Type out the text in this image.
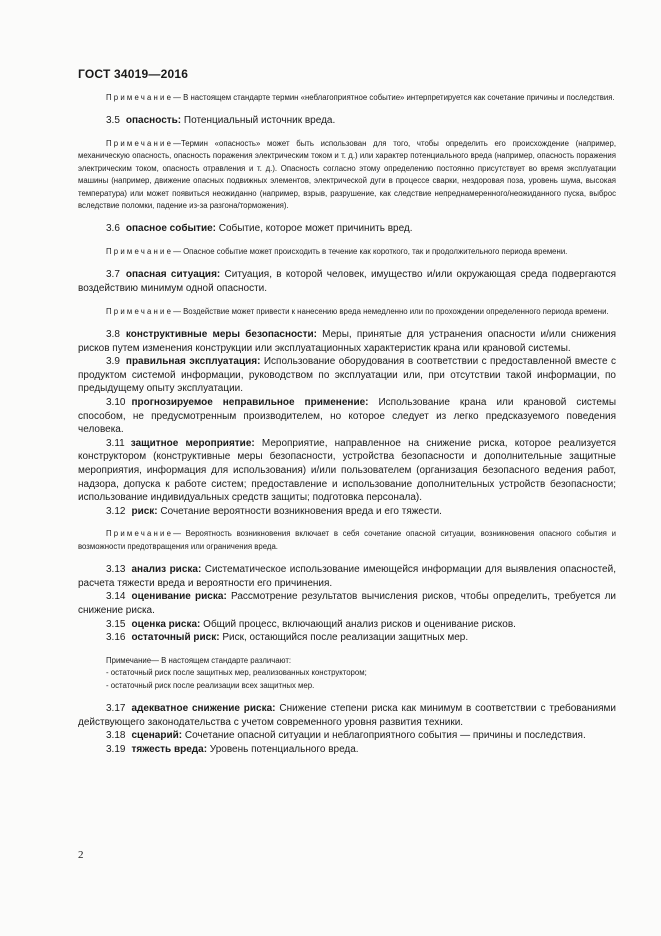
ГОСТ 34019—2016

Примечание— В настоящем стандарте термин «неблагоприятное событие» интерпретируется как сочетание причины и последствия.

3.5 опасность: Потенциальный источник вреда.

Примечание—Термин «опасность» может быть использован для того, чтобы определить его происхождение (например, механическую опасность, опасность поражения электрическим током и т. д.) или характер потенциального вреда (например, опасность поражения электрическим током, опасность отравления и т. д.). Опасность согласно этому определению постоянно присутствует во время эксплуатации машины (например, движение опасных подвижных элементов, электрической дуги в процессе сварки, нездоровая поза, уровень шума, высокая температура) или может появиться неожиданно (например, взрыв, разрушение, как следствие непреднамеренного/неожиданного пуска, выброс вследствие поломки, падение из-за разгона/торможения).

3.6 опасное событие: Событие, которое может причинить вред.

Примечание— Опасное событие может происходить в течение как короткого, так и продолжительного периода времени.

3.7 опасная ситуация: Ситуация, в которой человек, имущество и/или окружающая среда подвергаются воздействию минимум одной опасности.

Примечание— Воздействие может привести к нанесению вреда немедленно или по прохождении определенного периода времени.

3.8 конструктивные меры безопасности: Меры, принятые для устранения опасности и/или снижения рисков путем изменения конструкции или эксплуатационных характеристик крана или крановой системы.

3.9 правильная эксплуатация: Использование оборудования в соответствии с предоставленной вместе с продуктом системой информации, руководством по эксплуатации или, при отсутствии такой информации, по предыдущему опыту эксплуатации.

3.10 прогнозируемое неправильное применение: Использование крана или крановой системы способом, не предусмотренным производителем, но которое следует из легко предсказуемого поведения человека.

3.11 защитное мероприятие: Мероприятие, направленное на снижение риска, которое реализуется конструктором (конструктивные меры безопасности, устройства безопасности и дополнительные защитные мероприятия, информация для использования) и/или пользователем (организация безопасного ведения работ, надзора, допуска к работе систем; предоставление и использование дополнительных устройств безопасности; использование индивидуальных средств защиты; подготовка персонала).

3.12 риск: Сочетание вероятности возникновения вреда и его тяжести.

Примечание— Вероятность возникновения включает в себя сочетание опасной ситуации, возникновения опасного события и возможности предотвращения или ограничения вреда.

3.13 анализ риска: Систематическое использование имеющейся информации для выявления опасностей, расчета тяжести вреда и вероятности его причинения.

3.14 оценивание риска: Рассмотрение результатов вычисления рисков, чтобы определить, требуется ли снижение риска.

3.15 оценка риска: Общий процесс, включающий анализ рисков и оценивание рисков.

3.16 остаточный риск: Риск, остающийся после реализации защитных мер.

Примечание— В настоящем стандарте различают:
- остаточный риск после защитных мер, реализованных конструктором;
- остаточный риск после реализации всех защитных мер.

3.17 адекватное снижение риска: Снижение степени риска как минимум в соответствии с требованиями действующего законодательства с учетом современного уровня развития техники.

3.18 сценарий: Сочетание опасной ситуации и неблагоприятного события — причины и последствия.

3.19 тяжесть вреда: Уровень потенциального вреда.

2
